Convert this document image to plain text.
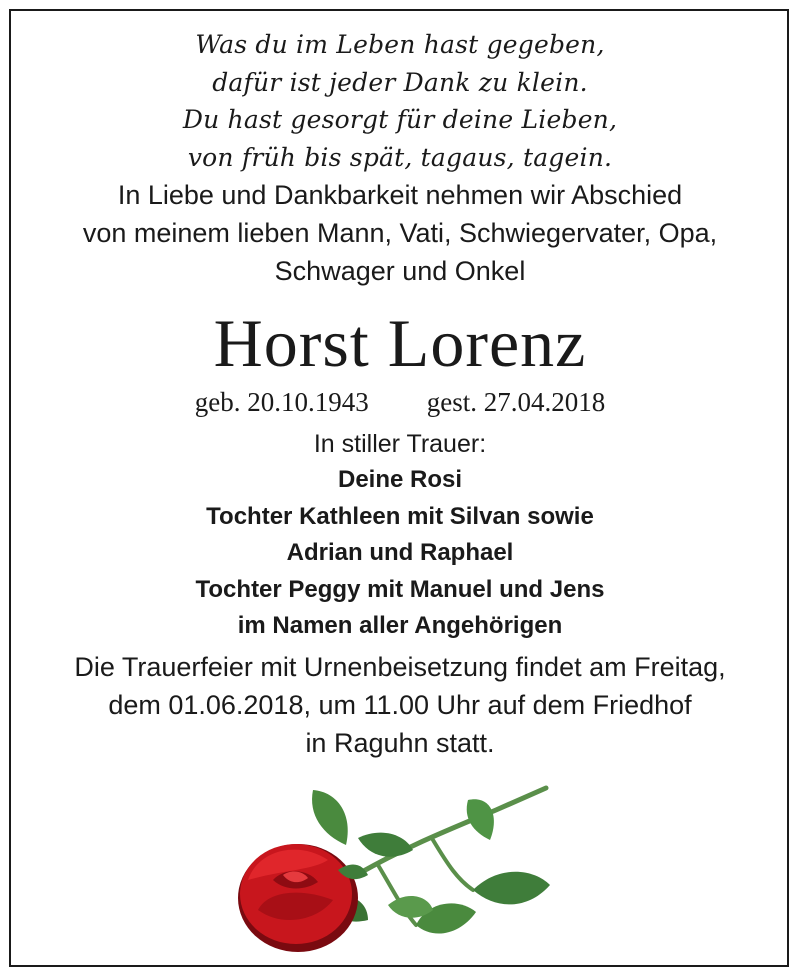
Was du im Leben hast gegeben,
dafür ist jeder Dank zu klein.
Du hast gesorgt für deine Lieben,
von früh bis spät, tagaus, tagein.
In Liebe und Dankbarkeit nehmen wir Abschied
von meinem lieben Mann, Vati, Schwiegervater, Opa,
Schwager und Onkel
Horst Lorenz
geb. 20.10.1943 gest. 27.04.2018
In stiller Trauer:
Deine Rosi
Tochter Kathleen mit Silvan sowie
Adrian und Raphael
Tochter Peggy mit Manuel und Jens
im Namen aller Angehörigen
Die Trauerfeier mit Urnenbeisetzung findet am Freitag,
dem 01.06.2018, um 11.00 Uhr auf dem Friedhof
in Raguhn statt.
